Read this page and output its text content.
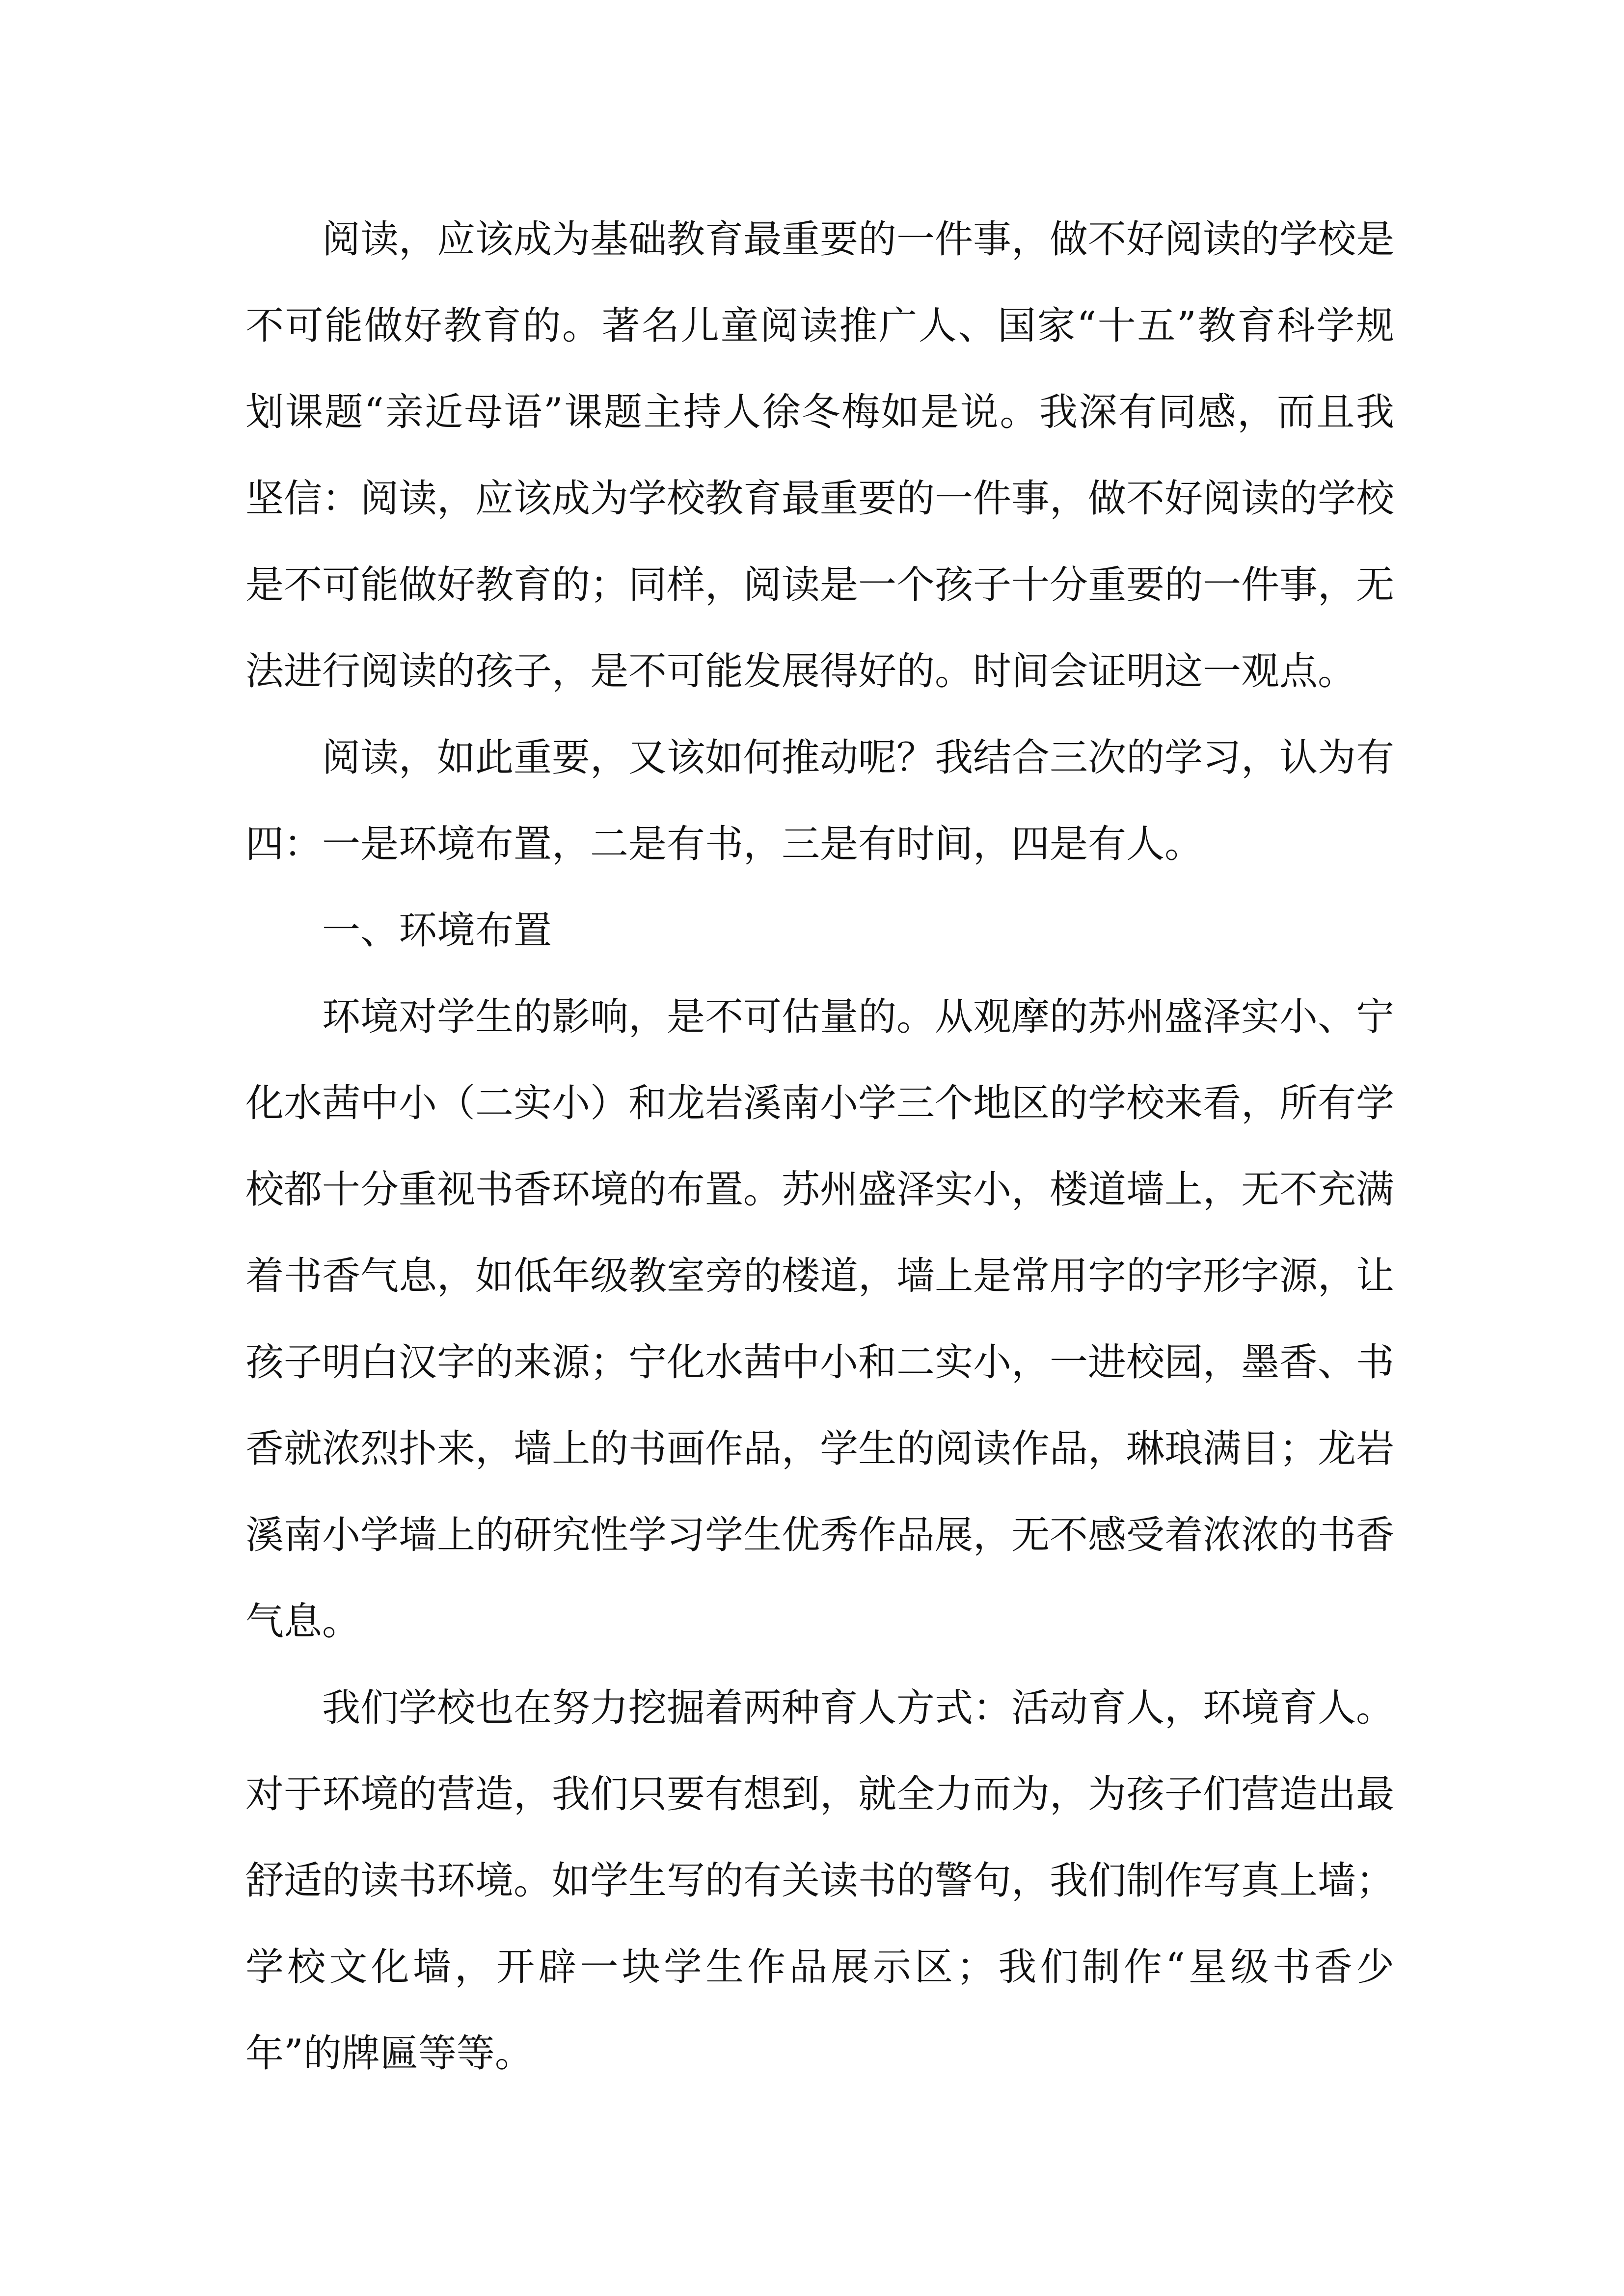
阅读，应该成为基础教育最重要的一件事，做不好阅读的学校是不可能做好教育的。著名儿童阅读推广人、国家“十五”教育科学规划课题“亲近母语”课题主持人徐冬梅如是说。我深有同感，而且我坚信：阅读，应该成为学校教育最重要的一件事，做不好阅读的学校是不可能做好教育的；同样，阅读是一个孩子十分重要的一件事，无法进行阅读的孩子，是不可能发展得好的。时间会证明这一观点。

阅读，如此重要，又该如何推动呢？我结合三次的学习，认为有四：一是环境布置，二是有书，三是有时间，四是有人。

一、环境布置

环境对学生的影响，是不可估量的。从观摩的苏州盛泽实小、宁化水茜中小（二实小）和龙岩溪南小学三个地区的学校来看，所有学校都十分重视书香环境的布置。苏州盛泽实小，楼道墙上，无不充满着书香气息，如低年级教室旁的楼道，墙上是常用字的字形字源，让孩子明白汉字的来源；宁化水茜中小和二实小，一进校园，墨香、书香就浓烈扑来，墙上的书画作品，学生的阅读作品，琳琅满目；龙岩溪南小学墙上的研究性学习学生优秀作品展，无不感受着浓浓的书香气息。

我们学校也在努力挖掘着两种育人方式：活动育人，环境育人。对于环境的营造，我们只要有想到，就全力而为，为孩子们营造出最舒适的读书环境。如学生写的有关读书的警句，我们制作写真上墙；学校文化墙，开辟一块学生作品展示区；我们制作“星级书香少年”的牌匾等等。
